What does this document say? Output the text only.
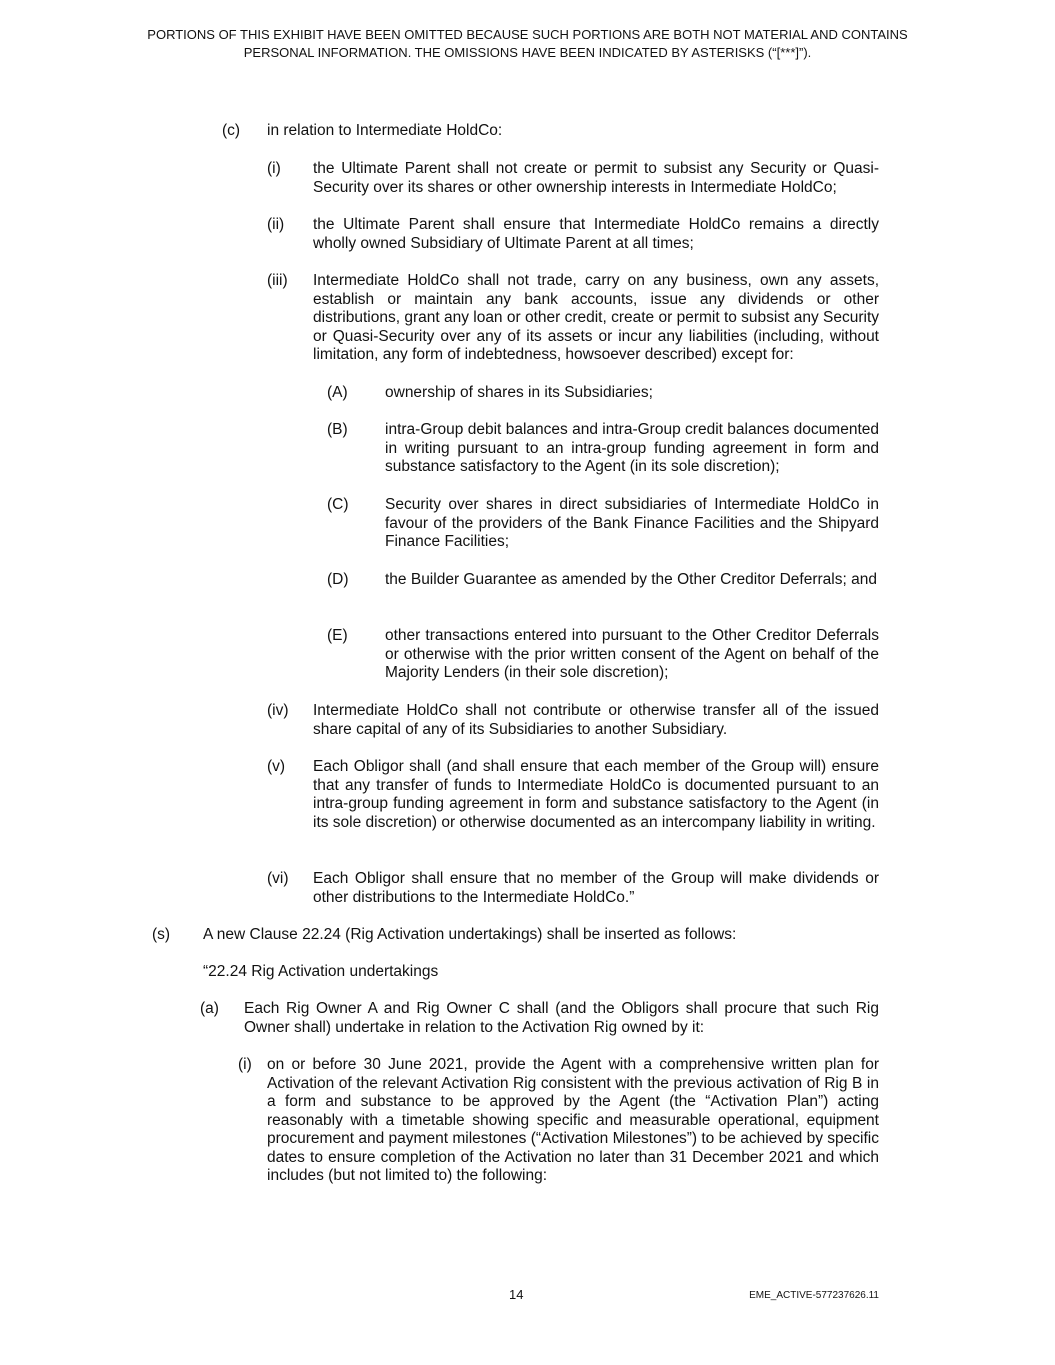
PORTIONS OF THIS EXHIBIT HAVE BEEN OMITTED BECAUSE SUCH PORTIONS ARE BOTH NOT MATERIAL AND CONTAINS PERSONAL INFORMATION. THE OMISSIONS HAVE BEEN INDICATED BY ASTERISKS (“[***]”).
(c) in relation to Intermediate HoldCo:
(i) the Ultimate Parent shall not create or permit to subsist any Security or Quasi-Security over its shares or other ownership interests in Intermediate HoldCo;
(ii) the Ultimate Parent shall ensure that Intermediate HoldCo remains a directly wholly owned Subsidiary of Ultimate Parent at all times;
(iii) Intermediate HoldCo shall not trade, carry on any business, own any assets, establish or maintain any bank accounts, issue any dividends or other distributions, grant any loan or other credit, create or permit to subsist any Security or Quasi-Security over any of its assets or incur any liabilities (including, without limitation, any form of indebtedness, howsoever described) except for:
(A) ownership of shares in its Subsidiaries;
(B) intra-Group debit balances and intra-Group credit balances documented in writing pursuant to an intra-group funding agreement in form and substance satisfactory to the Agent (in its sole discretion);
(C) Security over shares in direct subsidiaries of Intermediate HoldCo in favour of the providers of the Bank Finance Facilities and the Shipyard Finance Facilities;
(D) the Builder Guarantee as amended by the Other Creditor Deferrals; and
(E) other transactions entered into pursuant to the Other Creditor Deferrals or otherwise with the prior written consent of the Agent on behalf of the Majority Lenders (in their sole discretion);
(iv) Intermediate HoldCo shall not contribute or otherwise transfer all of the issued share capital of any of its Subsidiaries to another Subsidiary.
(v) Each Obligor shall (and shall ensure that each member of the Group will) ensure that any transfer of funds to Intermediate HoldCo is documented pursuant to an intra-group funding agreement in form and substance satisfactory to the Agent (in its sole discretion) or otherwise documented as an intercompany liability in writing.
(vi) Each Obligor shall ensure that no member of the Group will make dividends or other distributions to the Intermediate HoldCo.”
(s) A new Clause 22.24 (Rig Activation undertakings) shall be inserted as follows:
“22.24 Rig Activation undertakings
(a) Each Rig Owner A and Rig Owner C shall (and the Obligors shall procure that such Rig Owner shall) undertake in relation to the Activation Rig owned by it:
(i) on or before 30 June 2021, provide the Agent with a comprehensive written plan for Activation of the relevant Activation Rig consistent with the previous activation of Rig B in a form and substance to be approved by the Agent (the “Activation Plan”) acting reasonably with a timetable showing specific and measurable operational, equipment procurement and payment milestones (“Activation Milestones”) to be achieved by specific dates to ensure completion of the Activation no later than 31 December 2021 and which includes (but not limited to) the following:
14	EME_ACTIVE-577237626.11
